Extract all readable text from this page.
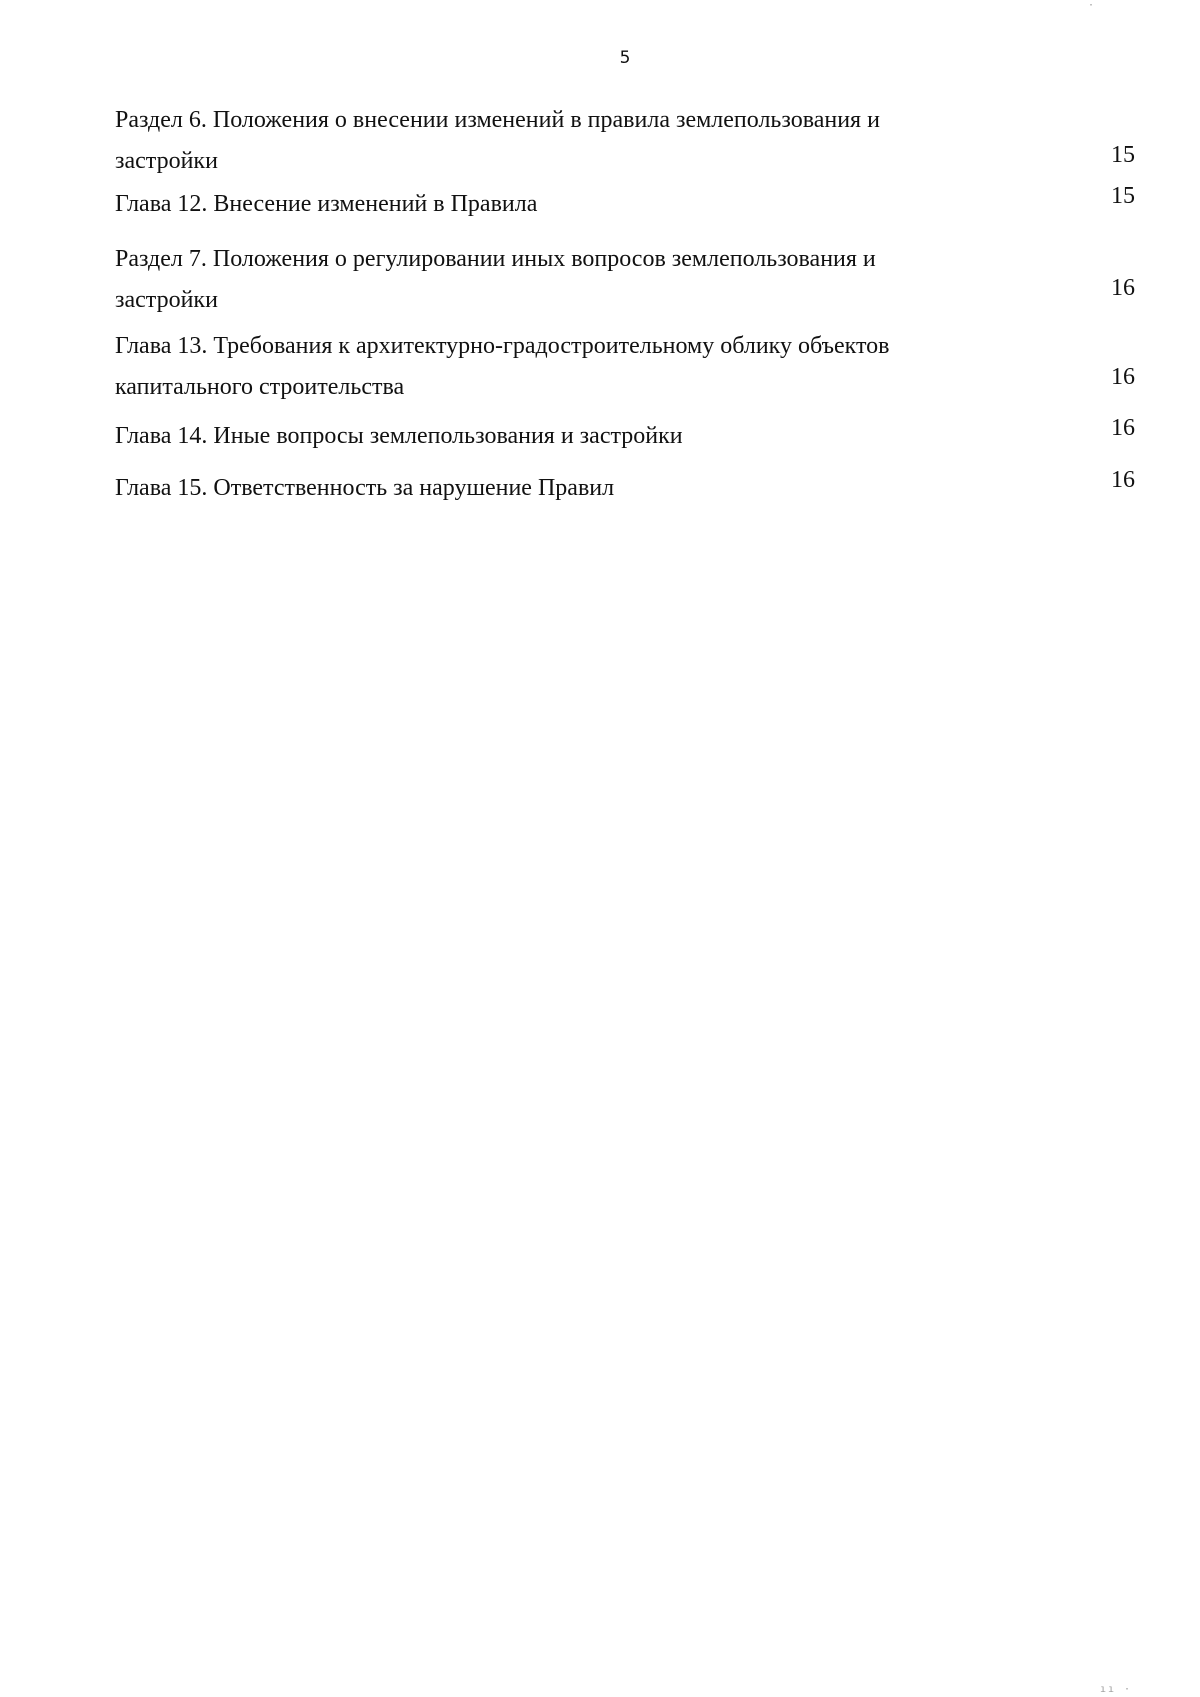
5
Раздел 6. Положения о внесении изменений в правила землепользования и
застройки	15
Глава 12. Внесение изменений в Правила	15
Раздел 7. Положения о регулировании иных вопросов землепользования и
застройки	16
Глава 13. Требования к архитектурно-градостроительному облику объектов
капитального строительства	16
Глава 14. Иные вопросы землепользования и застройки	16
Глава 15. Ответственность за нарушение Правил	16
·
ıı ·
